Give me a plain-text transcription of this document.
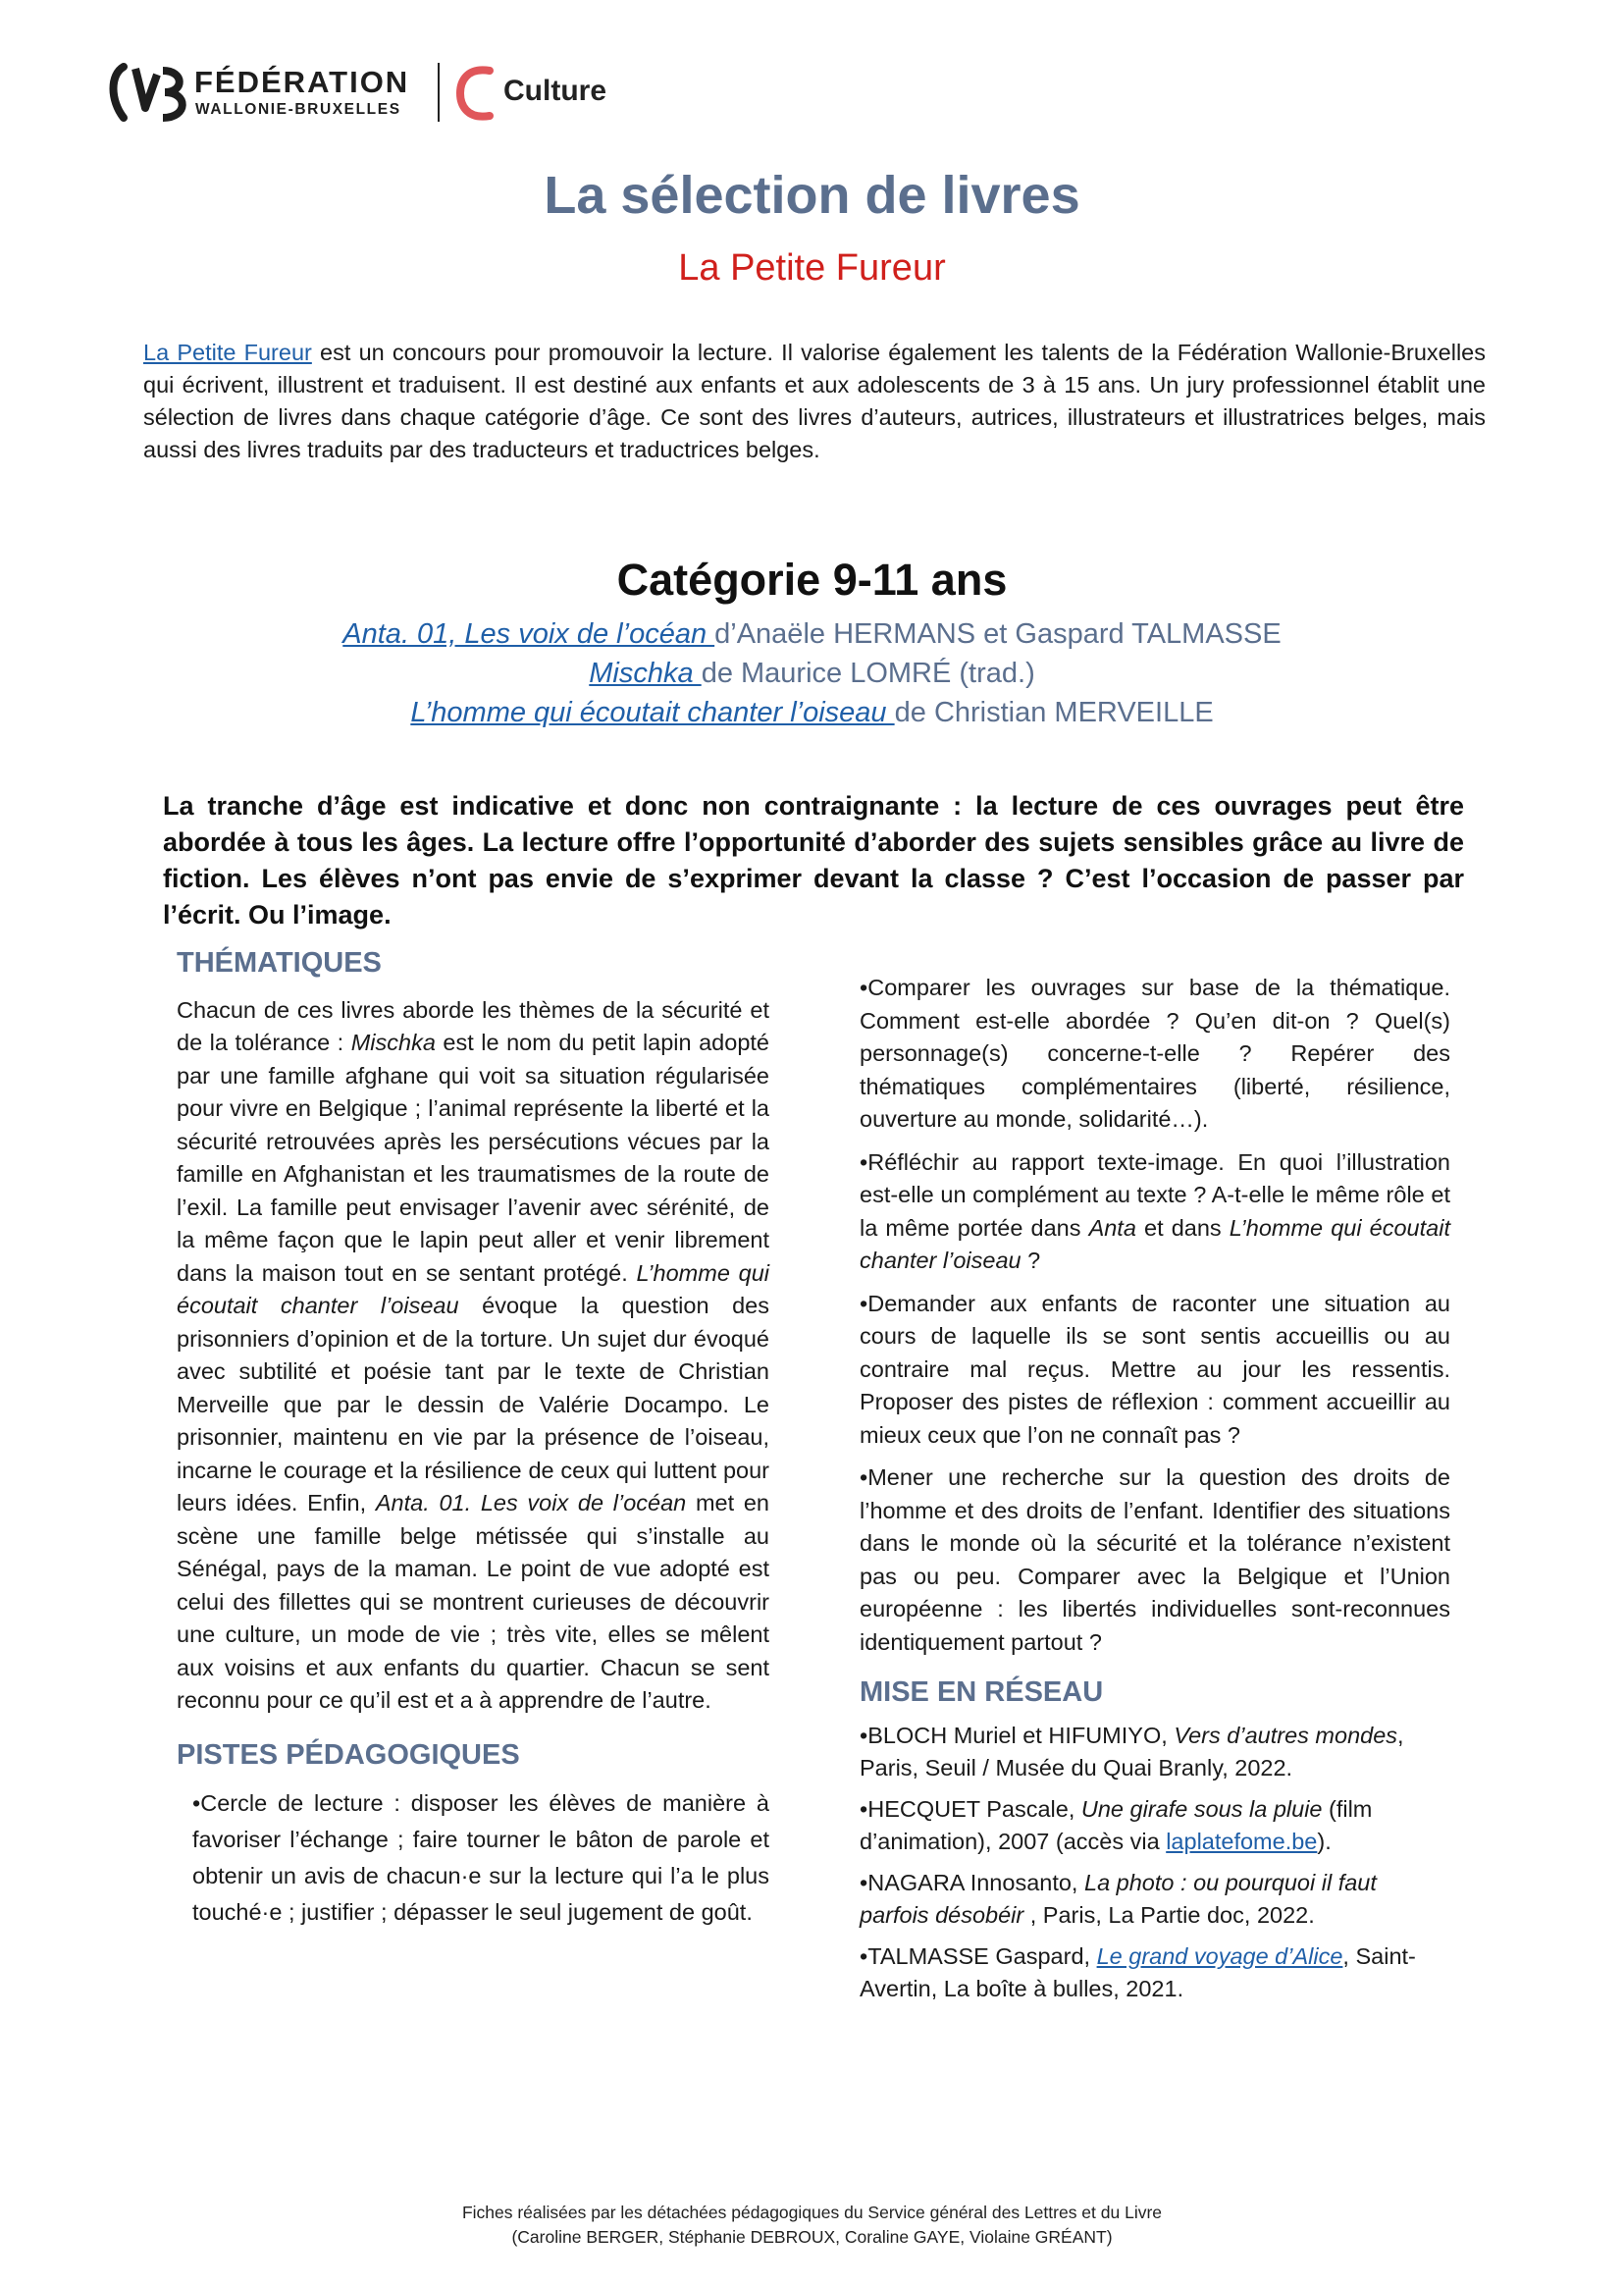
FÉDÉRATION
WALLONIE-BRUXELLES
Culture
La sélection de livres
La Petite Fureur
La Petite Fureur est un concours pour promouvoir la lecture. Il valorise également les talents de la Fédération Wallonie-Bruxelles qui écrivent, illustrent et traduisent. Il est destiné aux enfants et aux adolescents de 3 à 15 ans. Un jury professionnel établit une sélection de livres dans chaque catégorie d’âge. Ce sont des livres d’auteurs, autrices, illustrateurs et illustratrices belges, mais aussi des livres traduits par des traducteurs et traductrices belges.
Catégorie 9-11 ans
Anta. 01, Les voix de l’océan d’Anaële HERMANS et Gaspard TALMASSE
Mischka de Maurice LOMRÉ (trad.)
L’homme qui écoutait chanter l’oiseau de Christian MERVEILLE
La tranche d’âge est indicative et donc non contraignante : la lecture de ces ouvrages peut être abordée à tous les âges. La lecture offre l’opportunité d’aborder des sujets sensibles grâce au livre de fiction. Les élèves n’ont pas envie de s’exprimer devant la classe ? C’est l’occasion de passer par l’écrit. Ou l’image.
THÉMATIQUES

Chacun de ces livres aborde les thèmes de la sécurité et de la tolérance : Mischka est le nom du petit lapin adopté par une famille afghane qui voit sa situation régularisée pour vivre en Belgique ; l’animal représente la liberté et la sécurité retrouvées après les persécutions vécues par la famille en Afghanistan et les traumatismes de la route de l’exil. La famille peut envisager l’avenir avec sérénité, de la même façon que le lapin peut aller et venir librement dans la maison tout en se sentant protégé. L’homme qui écoutait chanter l’oiseau évoque la question des prisonniers d’opinion et de la torture. Un sujet dur évoqué avec subtilité et poésie tant par le texte de Christian Merveille que par le dessin de Valérie Docampo. Le prisonnier, maintenu en vie par la présence de l’oiseau, incarne le courage et la résilience de ceux qui luttent pour leurs idées. Enfin, Anta. 01. Les voix de l’océan met en scène une famille belge métissée qui s’installe au Sénégal, pays de la maman. Le point de vue adopté est celui des fillettes qui se montrent curieuses de découvrir une culture, un mode de vie ; très vite, elles se mêlent aux voisins et aux enfants du quartier. Chacun se sent reconnu pour ce qu’il est et a à apprendre de l’autre.

PISTES PÉDAGOGIQUES

•Cercle de lecture : disposer les élèves de manière à favoriser l’échange ; faire tourner le bâton de parole et obtenir un avis de chacun·e sur la lecture qui l’a le plus touché·e ; justifier ; dépasser le seul jugement de goût.

•Comparer les ouvrages sur base de la thématique. Comment est-elle abordée ? Qu’en dit-on ? Quel(s) personnage(s) concerne-t-elle ? Repérer des thématiques complémentaires (liberté, résilience, ouverture au monde, solidarité…).

•Réfléchir au rapport texte-image. En quoi l’illustration est-elle un complément au texte ? A-t-elle le même rôle et la même portée dans Anta et dans L’homme qui écoutait chanter l’oiseau ?

•Demander aux enfants de raconter une situation au cours de laquelle ils se sont sentis accueillis ou au contraire mal reçus. Mettre au jour les ressentis. Proposer des pistes de réflexion : comment accueillir au mieux ceux que l’on ne connaît pas ?

•Mener une recherche sur la question des droits de l’homme et des droits de l’enfant. Identifier des situations dans le monde où la sécurité et la tolérance n’existent pas ou peu. Comparer avec la Belgique et l’Union européenne : les libertés individuelles sont-reconnues identiquement partout ?

MISE EN RÉSEAU

•BLOCH Muriel et HIFUMIYO, Vers d’autres mondes, Paris, Seuil / Musée du Quai Branly, 2022.

•HECQUET Pascale, Une girafe sous la pluie (film d’animation), 2007 (accès via laplatefome.be).

•NAGARA Innosanto, La photo : ou pourquoi il faut parfois désobéir , Paris, La Partie doc, 2022.

•TALMASSE Gaspard, Le grand voyage d’Alice, Saint-Avertin, La boîte à bulles, 2021.

Fiches réalisées par les détachées pédagogiques du Service général des Lettres et du Livre
(Caroline BERGER, Stéphanie DEBROUX, Coraline GAYE, Violaine GRÉANT)
